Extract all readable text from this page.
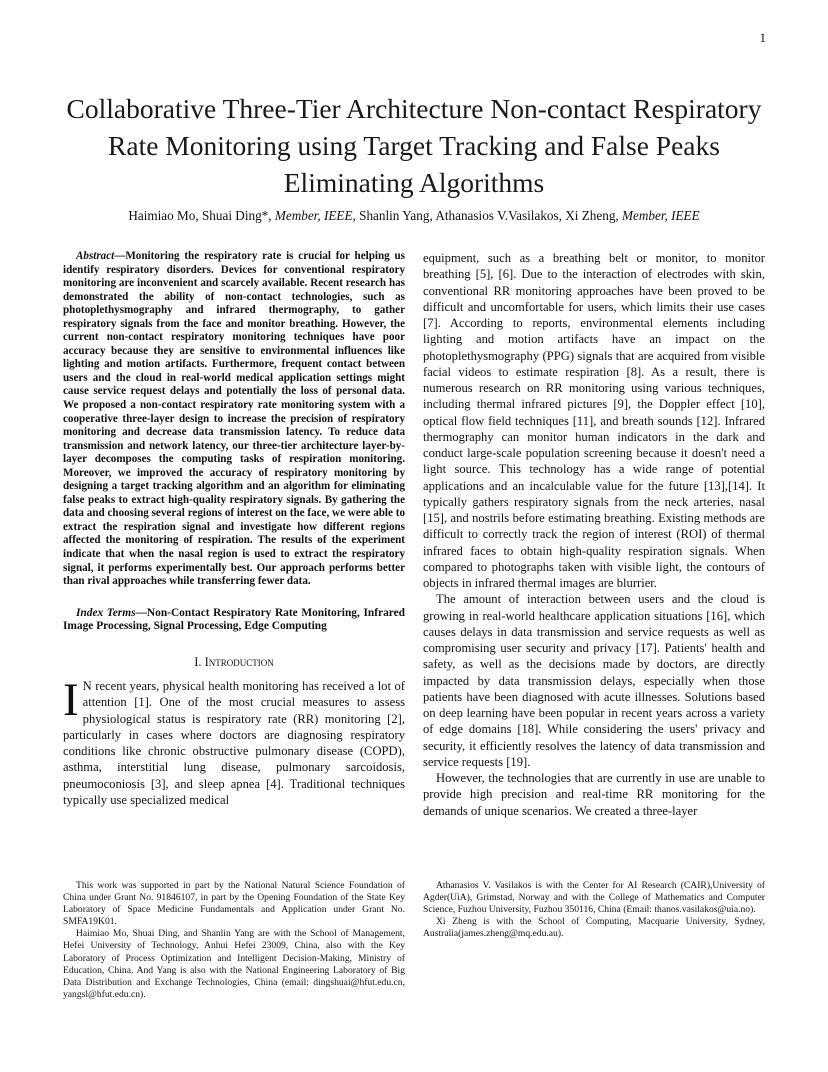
1
Collaborative Three-Tier Architecture Non-contact Respiratory Rate Monitoring using Target Tracking and False Peaks Eliminating Algorithms
Haimiao Mo, Shuai Ding*, Member, IEEE, Shanlin Yang, Athanasios V.Vasilakos, Xi Zheng, Member, IEEE

Abstract—Monitoring the respiratory rate is crucial for helping us identify respiratory disorders. Devices for conventional respiratory monitoring are inconvenient and scarcely available. Recent research has demonstrated the ability of non-contact technologies, such as photoplethysmography and infrared thermography, to gather respiratory signals from the face and monitor breathing. However, the current non-contact respiratory monitoring techniques have poor accuracy because they are sensitive to environmental influences like lighting and motion artifacts. Furthermore, frequent contact between users and the cloud in real-world medical application settings might cause service request delays and potentially the loss of personal data. We proposed a non-contact respiratory rate monitoring system with a cooperative three-layer design to increase the precision of respiratory monitoring and decrease data transmission latency. To reduce data transmission and network latency, our three-tier architecture layer-by-layer decomposes the computing tasks of respiration monitoring. Moreover, we improved the accuracy of respiratory monitoring by designing a target tracking algorithm and an algorithm for eliminating false peaks to extract high-quality respiratory signals. By gathering the data and choosing several regions of interest on the face, we were able to extract the respiration signal and investigate how different regions affected the monitoring of respiration. The results of the experiment indicate that when the nasal region is used to extract the respiratory signal, it performs experimentally best. Our approach performs better than rival approaches while transferring fewer data.

Index Terms—Non-Contact Respiratory Rate Monitoring, Infrared Image Processing, Signal Processing, Edge Computing

I. Introduction

I N recent years, physical health monitoring has received a lot of attention [1]. One of the most crucial measures to assess physiological status is respiratory rate (RR) monitoring [2], particularly in cases where doctors are diagnosing respiratory conditions like chronic obstructive pulmonary disease (COPD), asthma, interstitial lung disease, pulmonary sarcoidosis, pneumoconiosis [3], and sleep apnea [4]. Traditional techniques typically use specialized medical

equipment, such as a breathing belt or monitor, to monitor breathing [5], [6]. Due to the interaction of electrodes with skin, conventional RR monitoring approaches have been proved to be difficult and uncomfortable for users, which limits their use cases [7]. According to reports, environmental elements including lighting and motion artifacts have an impact on the photoplethysmography (PPG) signals that are acquired from visible facial videos to estimate respiration [8]. As a result, there is numerous research on RR monitoring using various techniques, including thermal infrared pictures [9], the Doppler effect [10], optical flow field techniques [11], and breath sounds [12]. Infrared thermography can monitor human indicators in the dark and conduct large-scale population screening because it doesn't need a light source. This technology has a wide range of potential applications and an incalculable value for the future [13],[14]. It typically gathers respiratory signals from the neck arteries, nasal [15], and nostrils before estimating breathing. Existing methods are difficult to correctly track the region of interest (ROI) of thermal infrared faces to obtain high-quality respiration signals. When compared to photographs taken with visible light, the contours of objects in infrared thermal images are blurrier.

The amount of interaction between users and the cloud is growing in real-world healthcare application situations [16], which causes delays in data transmission and service requests as well as compromising user security and privacy [17]. Patients' health and safety, as well as the decisions made by doctors, are directly impacted by data transmission delays, especially when those patients have been diagnosed with acute illnesses. Solutions based on deep learning have been popular in recent years across a variety of edge domains [18]. While considering the users' privacy and security, it efficiently resolves the latency of data transmission and service requests [19].

However, the technologies that are currently in use are unable to provide high precision and real-time RR monitoring for the demands of unique scenarios. We created a three-layer

This work was supported in part by the National Natural Science Foundation of China under Grant No. 91846107, in part by the Opening Foundation of the State Key Laboratory of Space Medicine Fundamentals and Application under Grant No. SMFA19K01.

Haimiao Mo, Shuai Ding, and Shanlin Yang are with the School of Management, Hefei University of Technology, Anhui Hefei 23009, China, also with the Key Laboratory of Process Optimization and Intelligent Decision-Making, Ministry of Education, China. And Yang is also with the National Engineering Laboratory of Big Data Distribution and Exchange Technologies, China (email: dingshuai@hfut.edu.cn, yangsl@hfut.edu.cn).

Athanasios V. Vasilakos is with the Center for AI Research (CAIR),University of Agder(UiA), Grimstad, Norway and with the College of Mathematics and Computer Science, Fuzhou University, Fuzhou 350116, China (Email: thanos.vasilakos@uia.no).

Xi Zheng is with the School of Computing, Macquarie University, Sydney, Australia(james.zheng@mq.edu.au).
